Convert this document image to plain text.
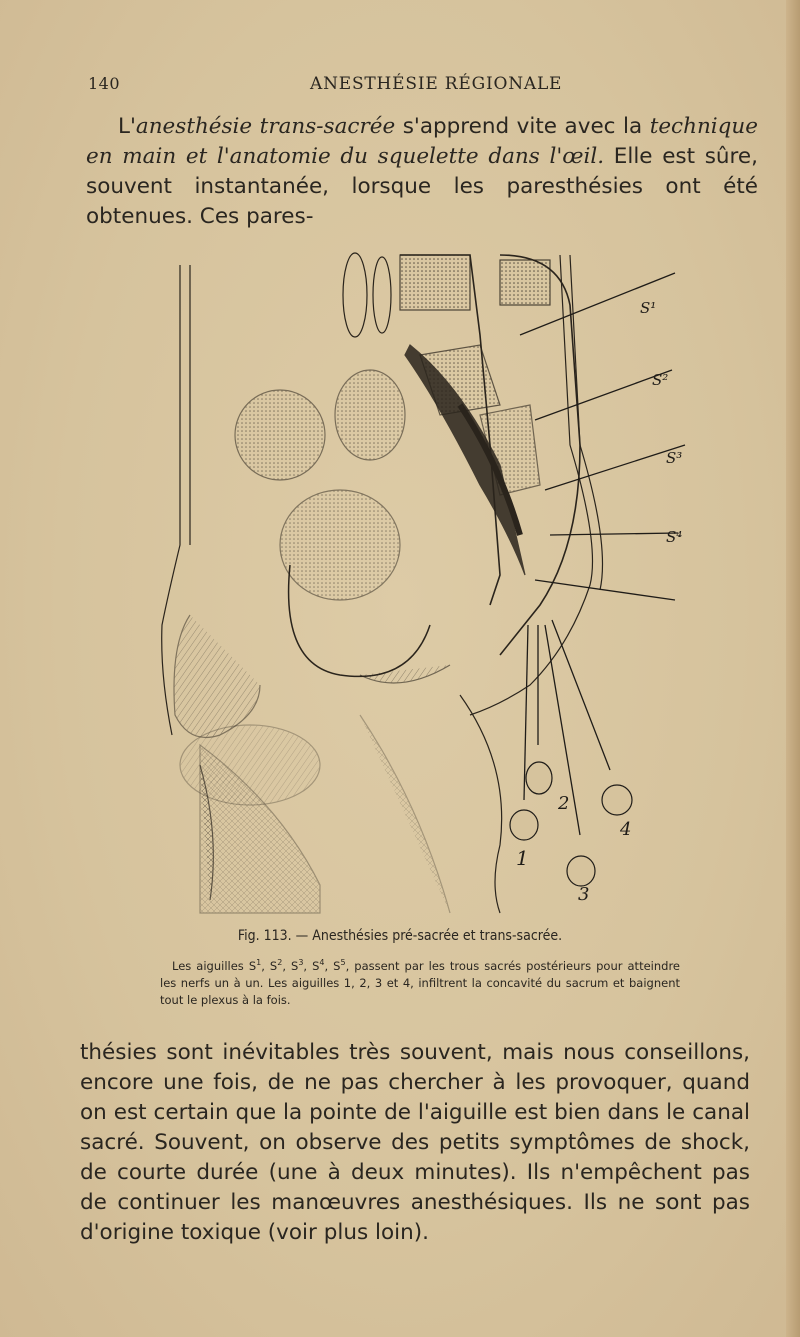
140	ANESTHÉSIE RÉGIONALE

L'anesthésie trans-sacrée s'apprend vite avec la technique en main et l'anatomie du squelette dans l'œil. Elle est sûre, souvent instantanée, lorsque les paresthésies ont été obtenues. Ces pares-

S¹
S²
S³
S⁴
1
2
3
4
Fig. 113. — Anesthésies pré-sacrée et trans-sacrée.

Les aiguilles $S^1$, $S^2$, $S^3$, $S^4$, $S^5$, passent par les trous sacrés postérieurs pour atteindre les nerfs un à un. Les aiguilles 1, 2, 3 et 4, infiltrent la concavité du sacrum et baignent tout le plexus à la fois.

thésies sont inévitables très souvent, mais nous conseillons, encore une fois, de ne pas chercher à les provoquer, quand on est certain que la pointe de l'aiguille est bien dans le canal sacré. Souvent, on observe des petits symptômes de shock, de courte durée (une à deux minutes). Ils n'empêchent pas de continuer les manœuvres anesthésiques. Ils ne sont pas d'origine toxique (voir plus loin).
